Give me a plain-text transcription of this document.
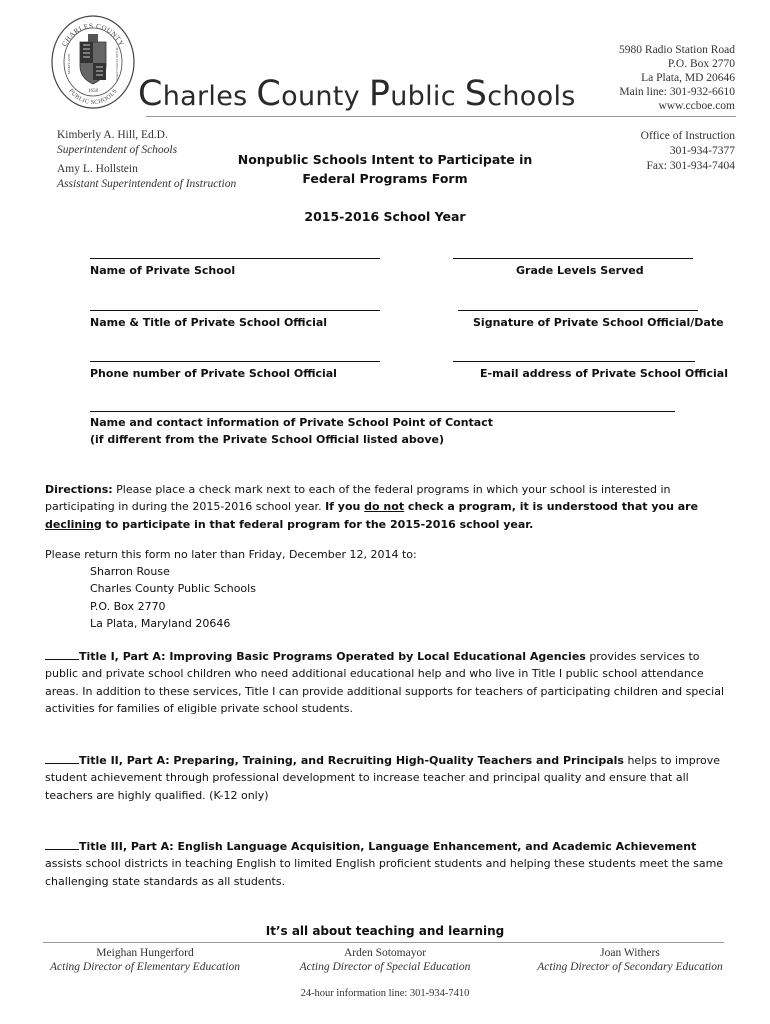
CHARLES COUNTY
PUBLIC SCHOOLS
MARYLAND	BOARD OF EDUCATION
1658 Charles County Public Schools
5980 Radio Station Road
P.O. Box 2770
La Plata, MD 20646
Main line: 301-932-6610
www.ccboe.com
Kimberly A. Hill, Ed.D.
Superintendent of Schools
Amy L. Hollstein
Assistant Superintendent of Instruction
Office of Instruction
301-934-7377
Fax: 301-934-7404
Nonpublic Schools Intent to Participate in
Federal Programs Form
2015-2016 School Year
Name of Private School	Grade Levels Served
Name & Title of Private School Official	Signature of Private School Official/Date
Phone number of Private School Official	E-mail address of Private School Official
Name and contact information of Private School Point of Contact
(if different from the Private School Official listed above)
Directions: Please place a check mark next to each of the federal programs in which your school is interested in participating in during the 2015-2016 school year. If you do not check a program, it is understood that you are declining to participate in that federal program for the 2015-2016 school year.
Please return this form no later than Friday, December 12, 2014 to:
Sharron Rouse
Charles County Public Schools
P.O. Box 2770
La Plata, Maryland 20646
Title I, Part A: Improving Basic Programs Operated by Local Educational Agencies provides services to public and private school children who need additional educational help and who live in Title I public school attendance areas. In addition to these services, Title I can provide additional supports for teachers of participating children and special activities for families of eligible private school students.
Title II, Part A: Preparing, Training, and Recruiting High-Quality Teachers and Principals helps to improve student achievement through professional development to increase teacher and principal quality and ensure that all teachers are highly qualified. (K-12 only)
Title III, Part A: English Language Acquisition, Language Enhancement, and Academic Achievement assists school districts in teaching English to limited English proficient students and helping these students meet the same challenging state standards as all students.
It’s all about teaching and learning
Meighan Hungerford
Acting Director of Elementary Education
Arden Sotomayor
Acting Director of Special Education
Joan Withers
Acting Director of Secondary Education
24-hour information line: 301-934-7410
